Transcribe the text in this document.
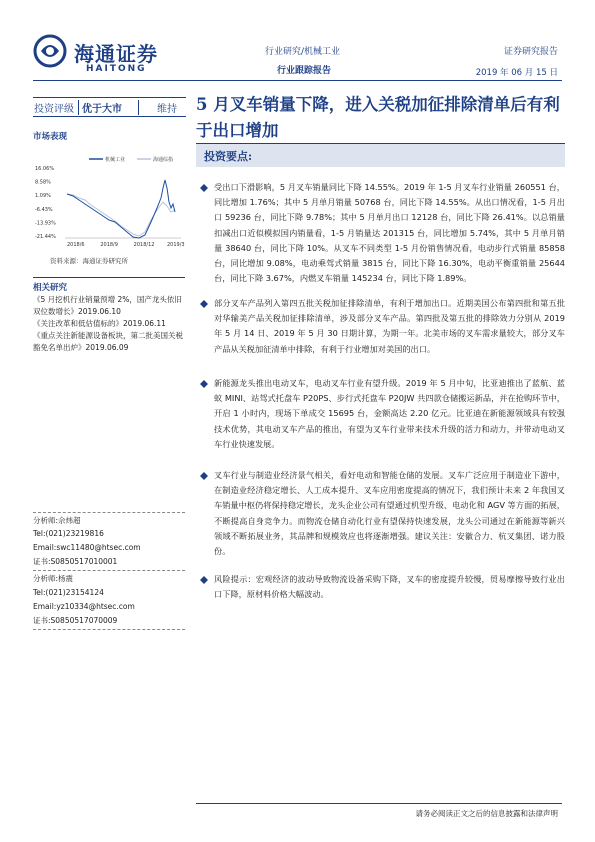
海通证券
HAITONG
行业研究/机械工业
行业跟踪报告
证券研究报告
2019 年 06 月 15 日
投资评级 优于大市	维持 5 月叉车销量下降，进入关税加征排除清单后有利于出口增加
市场表现
16.06%
8.58%
1.09%
-6.43%
-13.93%
-21.44%
2018/6	2018/9	2018/12	2019/3
机械工业	海通综指
资料来源：海通证券研究所
相关研究
《5 月挖机行业销量预增 2%，国产龙头依旧双位数增长》2019.06.10
《关注改革和低估值标的》2019.06.11
《重点关注新能源设备板块，第二批美国关税豁免名单出炉》2019.06.09
分析师:佘炜超
Tel:(021)23219816
Email:swc11480@htsec.com
证书:S0850517010001
分析师:杨震
Tel:(021)23154124
Email:yz10334@htsec.com
证书:S0850517070009
投资要点:
受出口下滑影响，5 月叉车销量同比下降 14.55%。2019 年 1-5 月叉车行业销量 260551 台，同比增加 1.76%；其中 5 月单月销量 50768 台，同比下降 14.55%。从出口情况看，1-5 月出口 59236 台，同比下降 9.78%；其中 5 月单月出口 12128 台，同比下降 26.41%。以总销量扣减出口近似模拟国内销量看，1-5 月销量达 201315 台，同比增加 5.74%，其中 5 月单月销量 38640 台，同比下降 10%。从叉车不同类型 1-5 月份销售情况看，电动步行式销量 85858 台，同比增加 9.08%，电动乘驾式销量 3815 台，同比下降 16.30%，电动平衡重销量 25644 台，同比下降 3.67%，内燃叉车销量 145234 台，同比下降 1.89%。
部分叉车产品列入第四五批关税加征排除清单，有利于增加出口。近期美国公布第四批和第五批对华输美产品关税加征排除清单，涉及部分叉车产品。第四批及第五批的排除效力分别从 2019 年 5 月 14 日、2019 年 5 月 30 日期计算，为期一年。北美市场的叉车需求量较大，部分叉车产品从关税加征清单中排除，有利于行业增加对美国的出口。
新能源龙头推出电动叉车，电动叉车行业有望升级。2019 年 5 月中旬，比亚迪推出了蓝航、蓝蚁 MINI、站驾式托盘车 P20PS、步行式托盘车 P20JW 共四款仓储搬运新品，并在抢购环节中，开启 1 小时内，现场下单成交 15695 台，金额高达 2.20 亿元。比亚迪在新能源领域具有较强技术优势，其电动叉车产品的推出，有望为叉车行业带来技术升级的活力和动力，并带动电动叉车行业快速发展。
叉车行业与制造业经济景气相关，看好电动和智能仓储的发展。叉车广泛应用于制造业下游中，在制造业经济稳定增长、人工成本提升、叉车应用密度提高的情况下，我们预计未来 2 年我国叉车销量中枢仍将保持稳定增长，龙头企业公司有望通过机型升级、电动化和 AGV 等方面的拓展，不断提高自身竞争力。而物流仓储自动化行业有望保持快速发展，龙头公司通过在新能源等新兴领域不断拓展业务，其品牌和规模效应也将逐渐增强。建议关注：安徽合力、杭叉集团、诺力股份。
风险提示：宏观经济的波动导致物流设备采购下降，叉车的密度提升较慢，贸易摩擦导致行业出口下降，原材料价格大幅波动。
请务必阅读正文之后的信息披露和法律声明
